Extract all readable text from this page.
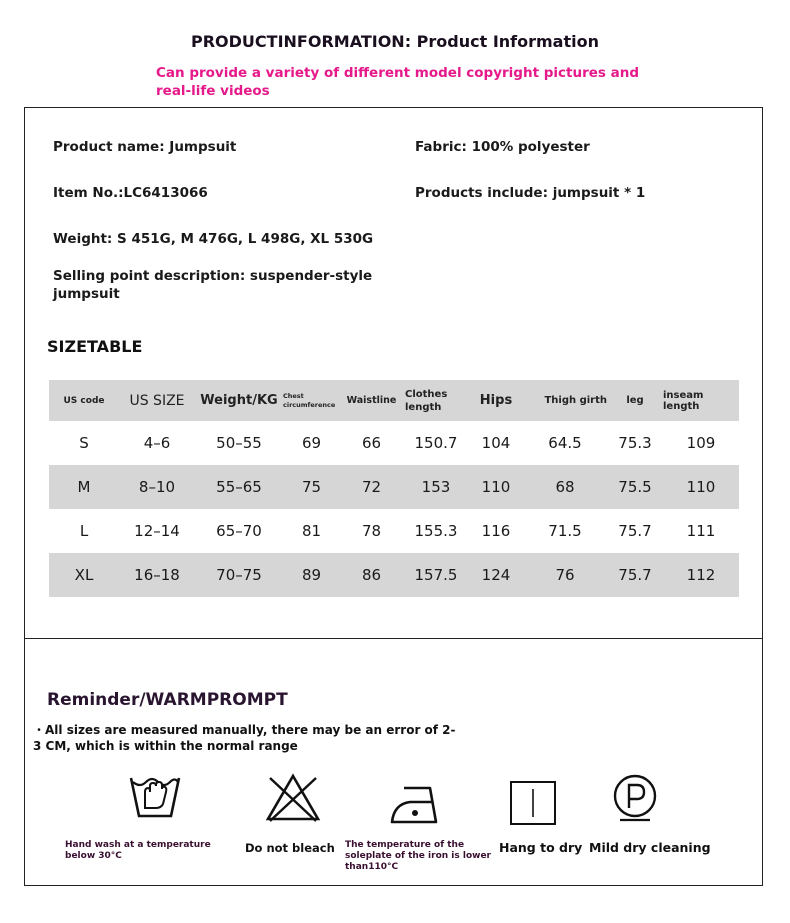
PRODUCTINFORMATION: Product Information
Can provide a variety of different model copyright pictures and real-life videos
Product name: Jumpsuit	Fabric: 100% polyester
Item No.:LC6413066	Products include: jumpsuit * 1
Weight: S 451G, M 476G, L 498G, XL 530G
Selling point description: suspender-style jumpsuit
SIZETABLE
US code	US SIZE	Weight/KG	Chest circumference	Waistline	Clothes length	Hips	Thigh girth	leg	inseam length
S	4–6	50–55	69	66	150.7	104	64.5	75.3	109
M	8–10	55–65	75	72	153	110	68	75.5	110
L	12–14	65–70	81	78	155.3	116	71.5	75.7	111
XL	16–18	70–75	89	86	157.5	124	76	75.7	112
Reminder/WARMPROMPT
・All sizes are measured manually, there may be an error of 2-3 CM, which is within the normal range
Hand wash at a temperature below 30°C
Do not bleach	The temperature of the soleplate of the iron is lower than110°C
Hang to dry Mild dry cleaning
